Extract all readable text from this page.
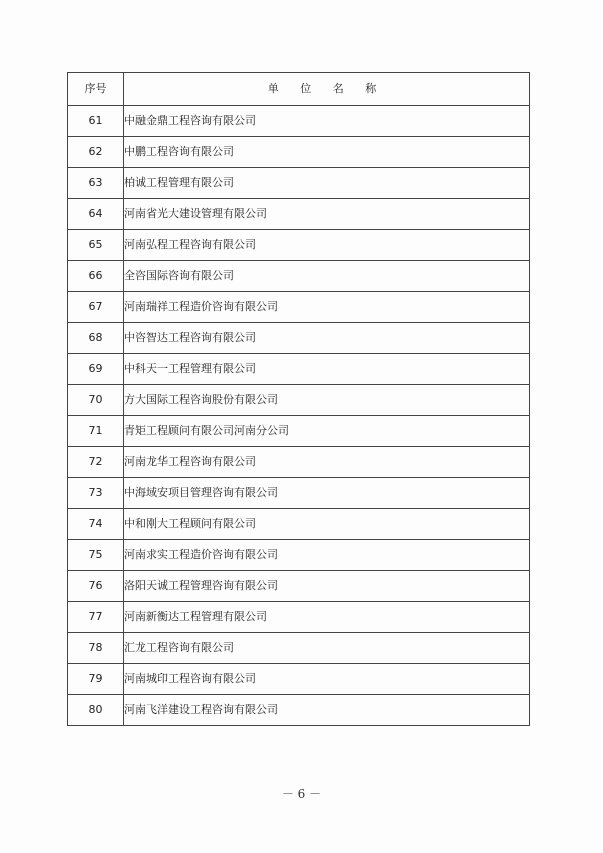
序号	单 位 名 称
61	中融金鼎工程咨询有限公司
62	中鹏工程咨询有限公司
63	柏诚工程管理有限公司
64	河南省光大建设管理有限公司
65	河南弘程工程咨询有限公司
66	全咨国际咨询有限公司
67	河南瑞祥工程造价咨询有限公司
68	中咨智达工程咨询有限公司
69	中科天一工程管理有限公司
70	方大国际工程咨询股份有限公司
71	青矩工程顾问有限公司河南分公司
72	河南龙华工程咨询有限公司
73	中海域安项目管理咨询有限公司
74	中和刚大工程顾问有限公司
75	河南求实工程造价咨询有限公司
76	洛阳天诚工程管理咨询有限公司
77	河南新衡达工程管理有限公司
78	汇龙工程咨询有限公司
79	河南城印工程咨询有限公司
80	河南飞洋建设工程咨询有限公司
－ 6 －
